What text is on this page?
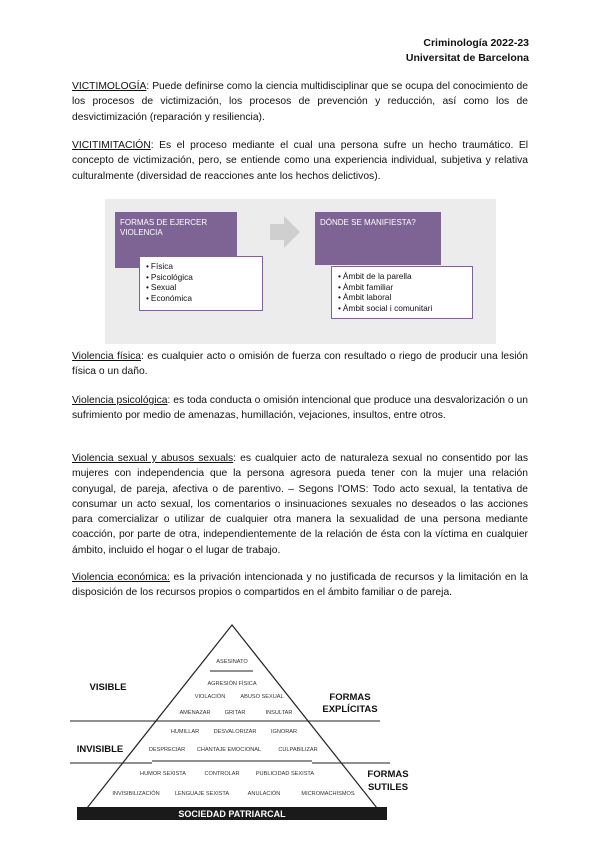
Criminología 2022-23
Universitat de Barcelona

VICTIMOLOGÍA: Puede definirse como la ciencia multidisciplinar que se ocupa del conocimiento de los procesos de victimización, los procesos de prevención y reducción, así como los de desvictimización (reparación y resiliencia).

VICITIMITACIÓN: Es el proceso mediante el cual una persona sufre un hecho traumático. El concepto de victimización, pero, se entiende como una experiencia individual, subjetiva y relativa culturalmente (diversidad de reacciones ante los hechos delictivos).

FORMAS DE EJERCER VIOLENCIA
• Física
• Psicológica
• Sexual
• Económica
DÓNDE SE MANIFIESTA?
• Àmbit de la parella
• Àmbit familiar
• Àmbit laboral
• Àmbit social i comunitari

Violencia física: es cualquier acto o omisión de fuerza con resultado o riego de producir una lesión física o un daño.

Violencia psicológica: es toda conducta o omisión intencional que produce una desvalorización o un sufrimiento por medio de amenazas, humillación, vejaciones, insultos, entre otros.

Violencia sexual y abusos sexuals: es cualquier acto de naturaleza sexual no consentido por las mujeres con independencia que la persona agresora pueda tener con la mujer una relación conyugal, de pareja, afectiva o de parentivo. – Segons l'OMS: Todo acto sexual, la tentativa de consumar un acto sexual, los comentarios o insinuaciones sexuales no deseados o las acciones para comercializar o utilizar de cualquier otra manera la sexualidad de una persona mediante coacción, por parte de otra, independientemente de la relación de ésta con la víctima en cualquier ámbito, incluido el hogar o el lugar de trabajo.

Violencia económica: es la privación intencionada y no justificada de recursos y la limitación en la disposición de los recursos propios o compartidos en el ámbito familiar o de pareja.

SOCIEDAD PATRIARCAL
VISIBLE
INVISIBLE
FORMAS
EXPLÍCITAS
FORMAS
SUTILES
ASESINATO
AGRESIÓN FÍSICA
VIOLACIÓN	ABUSO SEXUAL
AMENAZAR	GRITAR	INSULTAR
HUMILLAR	DESVALORIZAR	IGNORAR
DESPRECIAR CHANTAJE EMOCIONAL	CULPABILIZAR
HUMOR SEXISTA	CONTROLAR	PUBLICIDAD SEXISTA
INVISIBILIZACIÓN	LENGUAJE SEXISTA	ANULACIÓN	MICROMACHISMOS
